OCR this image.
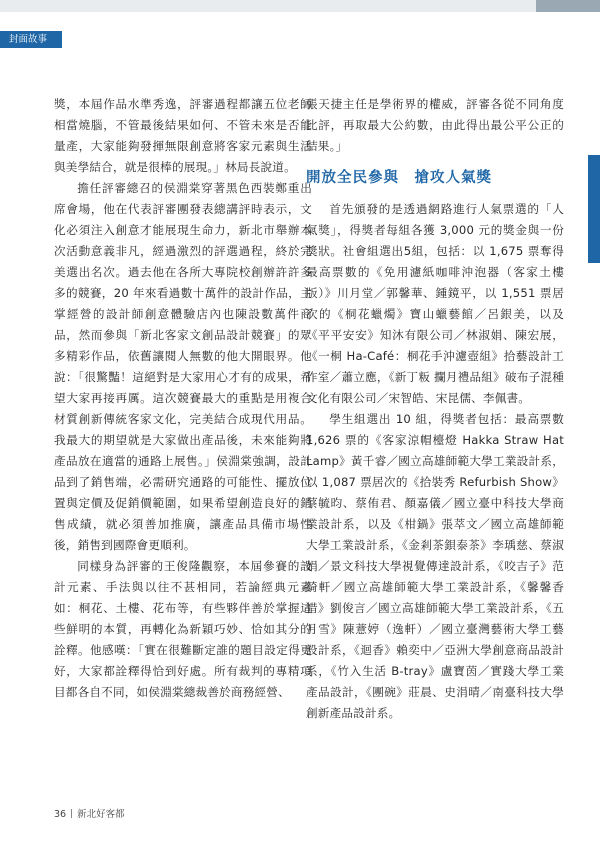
封面故事

獎，本屆作品水準秀逸，評審過程都讓五位老師相當燒腦，不管最後結果如何、不管未來是否能量產，大家能夠發揮無限創意將客家元素與生活與美學結合，就是很棒的展現。」林局長說道。

擔任評審總召的侯淵棠穿著黑色西裝鄭重出席會場，他在代表評審團發表總講評時表示，文化必須注入創意才能展現生命力，新北市舉辦本次活動意義非凡，經過激烈的評選過程，終於完美選出名次。過去他在各所大專院校創辦許許多多的競賽，20 年來看過數十萬件的設計作品，主掌經營的設計師創意體驗店內也陳設數萬件商品，然而參與「新北客家文創品設計競賽」的眾多精彩作品，依舊讓閱人無數的他大開眼界。他說：「很驚豔！這絕對是大家用心才有的成果，希望大家再接再厲。這次競賽最大的重點是用複合材質創新傳統客家文化，完美結合成現代用品。我最大的期望就是大家做出產品後，未來能夠將產品放在適當的通路上展售。」侯淵棠強調，設計品到了銷售端，必需研究通路的可能性、擺放位置與定價及促銷價範圍，如果希望創造良好的銷售成績，就必須善加推廣，讓產品具備市場性後，銷售到國際會更順利。

同樣身為評審的王俊隆觀察，本屆參賽的設計元素、手法與以往不甚相同，若論經典元素如：桐花、土樓、花布等，有些夥伴善於掌握這些鮮明的本質，再轉化為新穎巧妙、恰如其分的詮釋。他感嘆：「實在很難斷定誰的題目設定得更好，大家都詮釋得恰到好處。所有裁判的專精項目都各自不同，如侯淵棠總裁善於商務經營、

張天捷主任是學術界的權威，評審各從不同角度比評，再取最大公約數，由此得出最公平公正的結果。」

開放全民參與　搶攻人氣獎

首先頒發的是透過網路進行人氣票選的「人氣獎」，得獎者每組各獲 3,000 元的獎金與一份獎狀。社會組選出5組，包括：以 1,675 票奪得最高票數的《免用濾紙咖啡沖泡器（客家土樓版）》川月堂／郭馨華、鍾鏡平，以 1,551 票居次的《桐花蠟燭》寶山蠟藝館／呂銀美，以及《平平安安》知沐有限公司／林淑娟、陳宏展，《一桐 Ha-Café：桐花手沖濾壺組》拾藝設計工作室／蕭立應，《新丁粄 攔月禮品組》破布子混種文化有限公司／宋智皓、宋昆儒、李佩書。

學生組選出 10 組，得獎者包括：最高票數 1,626 票的《客家涼帽檯燈 Hakka Straw Hat Lamp》黃千睿／國立高雄師範大學工業設計系，以 1,087 票居次的《拾裝秀 Refurbish Show》蔡毓昀、蔡侑君、顏嘉儀／國立臺中科技大學商業設計系，以及《柑鍋》張萃文／國立高雄師範大學工業設計系，《金剎茶鋇泰茶》李瑀慈、蔡淑娟／景文科技大學視覺傳達設計系，《咬吉子》范綺軒／國立高雄師範大學工業設計系，《馨馨香惜》劉俊言／國立高雄師範大學工業設計系，《五月雪》陳薏婷（逸軒）／國立臺灣藝術大學工藝設計系，《迴香》賴奕中／亞洲大學創意商品設計系，《竹入生活 B-tray》盧寶茵／實踐大學工業產品設計，《團碗》莊晨、史涓晴／南臺科技大學創新產品設計系。

36 新北好客都
